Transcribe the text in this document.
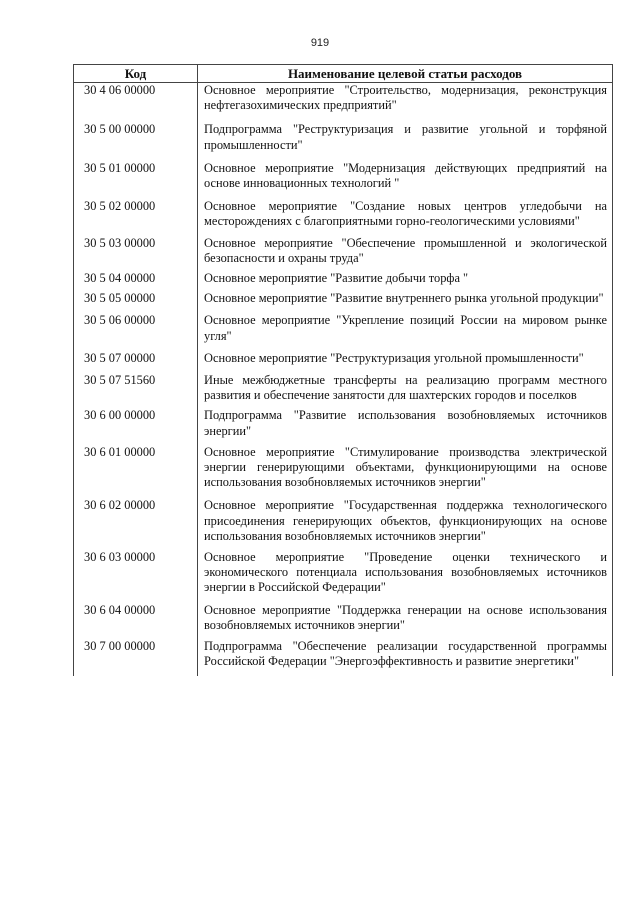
919
Код	Наименование целевой статьи расходов
30 4 06 00000	Основное мероприятие "Строительство, модернизация, реконструкция нефтегазохимических предприятий"
30 5 00 00000	Подпрограмма "Реструктуризация и развитие угольной и торфяной промышленности"
30 5 01 00000	Основное мероприятие "Модернизация действующих предприятий на основе инновационных технологий "
30 5 02 00000	Основное мероприятие "Создание новых центров угледобычи на месторождениях с благоприятными горно-геологическими условиями"
30 5 03 00000	Основное мероприятие "Обеспечение промышленной и экологической безопасности и охраны труда"
30 5 04 00000	Основное мероприятие "Развитие добычи торфа "
30 5 05 00000	Основное мероприятие "Развитие внутреннего рынка угольной продукции"
30 5 06 00000	Основное мероприятие "Укрепление позиций России на мировом рынке угля"
30 5 07 00000	Основное мероприятие "Реструктуризация угольной промышленности"
30 5 07 51560	Иные межбюджетные трансферты на реализацию программ местного развития и обеспечение занятости для шахтерских городов и поселков
30 6 00 00000	Подпрограмма "Развитие использования возобновляемых источников энергии"
30 6 01 00000	Основное мероприятие "Стимулирование производства электрической энергии генерирующими объектами, функционирующими на основе использования возобновляемых источников энергии"
30 6 02 00000	Основное мероприятие "Государственная поддержка технологического присоединения генерирующих объектов, функционирующих на основе использования возобновляемых источников энергии"
30 6 03 00000	Основное мероприятие "Проведение оценки технического и экономического потенциала использования возобновляемых источников энергии в Российской Федерации"
30 6 04 00000	Основное мероприятие "Поддержка генерации на основе использования возобновляемых источников энергии"
30 7 00 00000	Подпрограмма "Обеспечение реализации государственной программы Российской Федерации "Энергоэффективность и развитие энергетики"
